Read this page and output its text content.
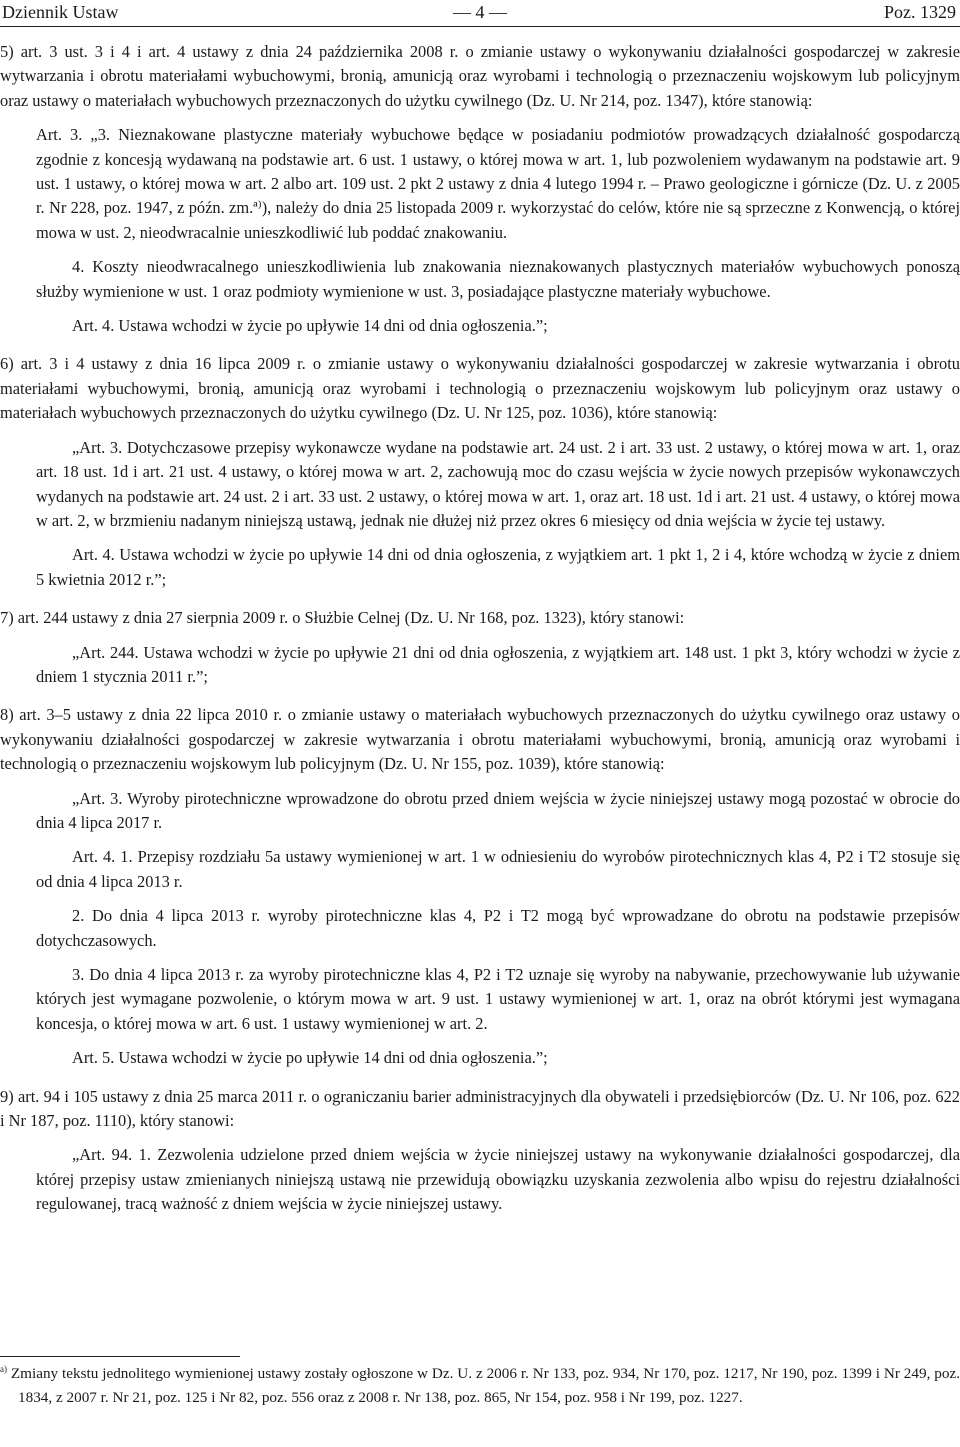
Dziennik Ustaw	— 4 —	Poz. 1329

5) art. 3 ust. 3 i 4 i art. 4 ustawy z dnia 24 października 2008 r. o zmianie ustawy o wykonywaniu działalności gospodarczej w zakresie wytwarzania i obrotu materiałami wybuchowymi, bronią, amunicją oraz wyrobami i technologią o przeznaczeniu wojskowym lub policyjnym oraz ustawy o materiałach wybuchowych przeznaczonych do użytku cywilnego (Dz. U. Nr 214, poz. 1347), które stanowią:

Art. 3. „3. Nieznakowane plastyczne materiały wybuchowe będące w posiadaniu podmiotów prowadzących działalność gospodarczą zgodnie z koncesją wydawaną na podstawie art. 6 ust. 1 ustawy, o której mowa w art. 1, lub pozwoleniem wydawanym na podstawie art. 9 ust. 1 ustawy, o której mowa w art. 2 albo art. 109 ust. 2 pkt 2 ustawy z dnia 4 lutego 1994 r. – Prawo geologiczne i górnicze (Dz. U. z 2005 r. Nr 228, poz. 1947, z późn. zm.ª⁾), należy do dnia 25 listopada 2009 r. wykorzystać do celów, które nie są sprzeczne z Konwencją, o której mowa w ust. 2, nieodwracalnie unieszkodliwić lub poddać znakowaniu.

4. Koszty nieodwracalnego unieszkodliwienia lub znakowania nieznakowanych plastycznych materiałów wybuchowych ponoszą służby wymienione w ust. 1 oraz podmioty wymienione w ust. 3, posiadające plastyczne materiały wybuchowe.

Art. 4. Ustawa wchodzi w życie po upływie 14 dni od dnia ogłoszenia.”;

6) art. 3 i 4 ustawy z dnia 16 lipca 2009 r. o zmianie ustawy o wykonywaniu działalności gospodarczej w zakresie wytwarzania i obrotu materiałami wybuchowymi, bronią, amunicją oraz wyrobami i technologią o przeznaczeniu wojskowym lub policyjnym oraz ustawy o materiałach wybuchowych przeznaczonych do użytku cywilnego (Dz. U. Nr 125, poz. 1036), które stanowią:

„Art. 3. Dotychczasowe przepisy wykonawcze wydane na podstawie art. 24 ust. 2 i art. 33 ust. 2 ustawy, o której mowa w art. 1, oraz art. 18 ust. 1d i art. 21 ust. 4 ustawy, o której mowa w art. 2, zachowują moc do czasu wejścia w życie nowych przepisów wykonawczych wydanych na podstawie art. 24 ust. 2 i art. 33 ust. 2 ustawy, o której mowa w art. 1, oraz art. 18 ust. 1d i art. 21 ust. 4 ustawy, o której mowa w art. 2, w brzmieniu nadanym niniejszą ustawą, jednak nie dłużej niż przez okres 6 miesięcy od dnia wejścia w życie tej ustawy.

Art. 4. Ustawa wchodzi w życie po upływie 14 dni od dnia ogłoszenia, z wyjątkiem art. 1 pkt 1, 2 i 4, które wchodzą w życie z dniem 5 kwietnia 2012 r.”;

7) art. 244 ustawy z dnia 27 sierpnia 2009 r. o Służbie Celnej (Dz. U. Nr 168, poz. 1323), który stanowi:

„Art. 244. Ustawa wchodzi w życie po upływie 21 dni od dnia ogłoszenia, z wyjątkiem art. 148 ust. 1 pkt 3, który wchodzi w życie z dniem 1 stycznia 2011 r.”;

8) art. 3–5 ustawy z dnia 22 lipca 2010 r. o zmianie ustawy o materiałach wybuchowych przeznaczonych do użytku cywilnego oraz ustawy o wykonywaniu działalności gospodarczej w zakresie wytwarzania i obrotu materiałami wybuchowymi, bronią, amunicją oraz wyrobami i technologią o przeznaczeniu wojskowym lub policyjnym (Dz. U. Nr 155, poz. 1039), które stanowią:

„Art. 3. Wyroby pirotechniczne wprowadzone do obrotu przed dniem wejścia w życie niniejszej ustawy mogą pozostać w obrocie do dnia 4 lipca 2017 r.

Art. 4. 1. Przepisy rozdziału 5a ustawy wymienionej w art. 1 w odniesieniu do wyrobów pirotechnicznych klas 4, P2 i T2 stosuje się od dnia 4 lipca 2013 r.

2. Do dnia 4 lipca 2013 r. wyroby pirotechniczne klas 4, P2 i T2 mogą być wprowadzane do obrotu na podstawie przepisów dotychczasowych.

3. Do dnia 4 lipca 2013 r. za wyroby pirotechniczne klas 4, P2 i T2 uznaje się wyroby na nabywanie, przechowywanie lub używanie których jest wymagane pozwolenie, o którym mowa w art. 9 ust. 1 ustawy wymienionej w art. 1, oraz na obrót którymi jest wymagana koncesja, o której mowa w art. 6 ust. 1 ustawy wymienionej w art. 2.

Art. 5. Ustawa wchodzi w życie po upływie 14 dni od dnia ogłoszenia.”;

9) art. 94 i 105 ustawy z dnia 25 marca 2011 r. o ograniczaniu barier administracyjnych dla obywateli i przedsiębiorców (Dz. U. Nr 106, poz. 622 i Nr 187, poz. 1110), który stanowi:

„Art. 94. 1. Zezwolenia udzielone przed dniem wejścia w życie niniejszej ustawy na wykonywanie działalności gospodarczej, dla której przepisy ustaw zmienianych niniejszą ustawą nie przewidują obowiązku uzyskania zezwolenia albo wpisu do rejestru działalności regulowanej, tracą ważność z dniem wejścia w życie niniejszej ustawy.

$^{a)}$ Zmiany tekstu jednolitego wymienionej ustawy zostały ogłoszone w Dz. U. z 2006 r. Nr 133, poz. 934, Nr 170, poz. 1217, Nr 190, poz. 1399 i Nr 249, poz. 1834, z 2007 r. Nr 21, poz. 125 i Nr 82, poz. 556 oraz z 2008 r. Nr 138, poz. 865, Nr 154, poz. 958 i Nr 199, poz. 1227.
